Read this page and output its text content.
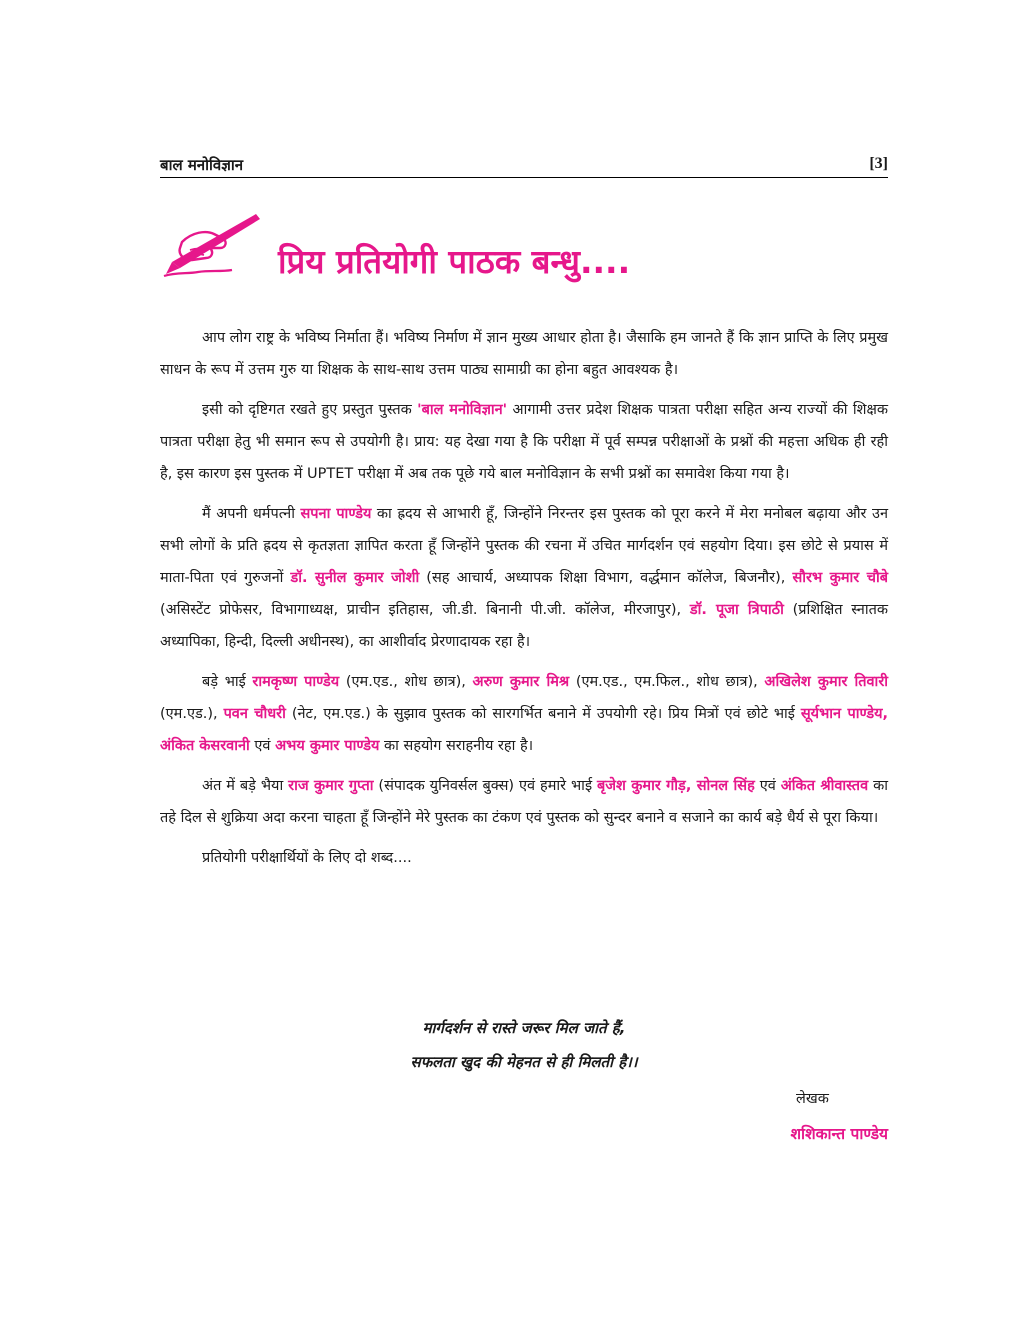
बाल मनोविज्ञान	[3]
प्रिय प्रतियोगी पाठक बन्धु....

आप लोग राष्ट्र के भविष्य निर्माता हैं। भविष्य निर्माण में ज्ञान मुख्य आधार होता है। जैसाकि हम जानते हैं कि ज्ञान प्राप्ति के लिए प्रमुख साधन के रूप में उत्तम गुरु या शिक्षक के साथ-साथ उत्तम पाठ्य सामाग्री का होना बहुत आवश्यक है।

इसी को दृष्टिगत रखते हुए प्रस्तुत पुस्तक 'बाल मनोविज्ञान' आगामी उत्तर प्रदेश शिक्षक पात्रता परीक्षा सहित अन्य राज्यों की शिक्षक पात्रता परीक्षा हेतु भी समान रूप से उपयोगी है। प्राय: यह देखा गया है कि परीक्षा में पूर्व सम्पन्न परीक्षाओं के प्रश्नों की महत्ता अधिक ही रही है, इस कारण इस पुस्तक में UPTET परीक्षा में अब तक पूछे गये बाल मनोविज्ञान के सभी प्रश्नों का समावेश किया गया है।

मैं अपनी धर्मपत्नी सपना पाण्डेय का ह्रदय से आभारी हूँ, जिन्होंने निरन्तर इस पुस्तक को पूरा करने में मेरा मनोबल बढ़ाया और उन सभी लोगों के प्रति ह्रदय से कृतज्ञता ज्ञापित करता हूँ जिन्होंने पुस्तक की रचना में उचित मार्गदर्शन एवं सहयोग दिया। इस छोटे से प्रयास में माता-पिता एवं गुरुजनों डॉ. सुनील कुमार जोशी (सह आचार्य, अध्यापक शिक्षा विभाग, वर्द्धमान कॉलेज, बिजनौर), सौरभ कुमार चौबे (असिस्टेंट प्रोफेसर, विभागाध्यक्ष, प्राचीन इतिहास, जी.डी. बिनानी पी.जी. कॉलेज, मीरजापुर), डॉ. पूजा त्रिपाठी (प्रशिक्षित स्नातक अध्यापिका, हिन्दी, दिल्ली अधीनस्थ), का आशीर्वाद प्रेरणादायक रहा है।

बड़े भाई रामकृष्ण पाण्डेय (एम.एड., शोध छात्र), अरुण कुमार मिश्र (एम.एड., एम.फिल., शोध छात्र), अखिलेश कुमार तिवारी (एम.एड.), पवन चौधरी (नेट, एम.एड.) के सुझाव पुस्तक को सारगर्भित बनाने में उपयोगी रहे। प्रिय मित्रों एवं छोटे भाई सूर्यभान पाण्डेय, अंकित केसरवानी एवं अभय कुमार पाण्डेय का सहयोग सराहनीय रहा है।

अंत में बड़े भैया राज कुमार गुप्ता (संपादक युनिवर्सल बुक्स) एवं हमारे भाई बृजेश कुमार गौड़, सोनल सिंह एवं अंकित श्रीवास्तव का तहे दिल से शुक्रिया अदा करना चाहता हूँ जिन्होंने मेरे पुस्तक का टंकण एवं पुस्तक को सुन्दर बनाने व सजाने का कार्य बड़े धैर्य से पूरा किया।

प्रतियोगी परीक्षार्थियों के लिए दो शब्द....

मार्गदर्शन से रास्ते जरूर मिल जाते हैं,
सफलता खुद की मेहनत से ही मिलती है।।
लेखक
शशिकान्त पाण्डेय
